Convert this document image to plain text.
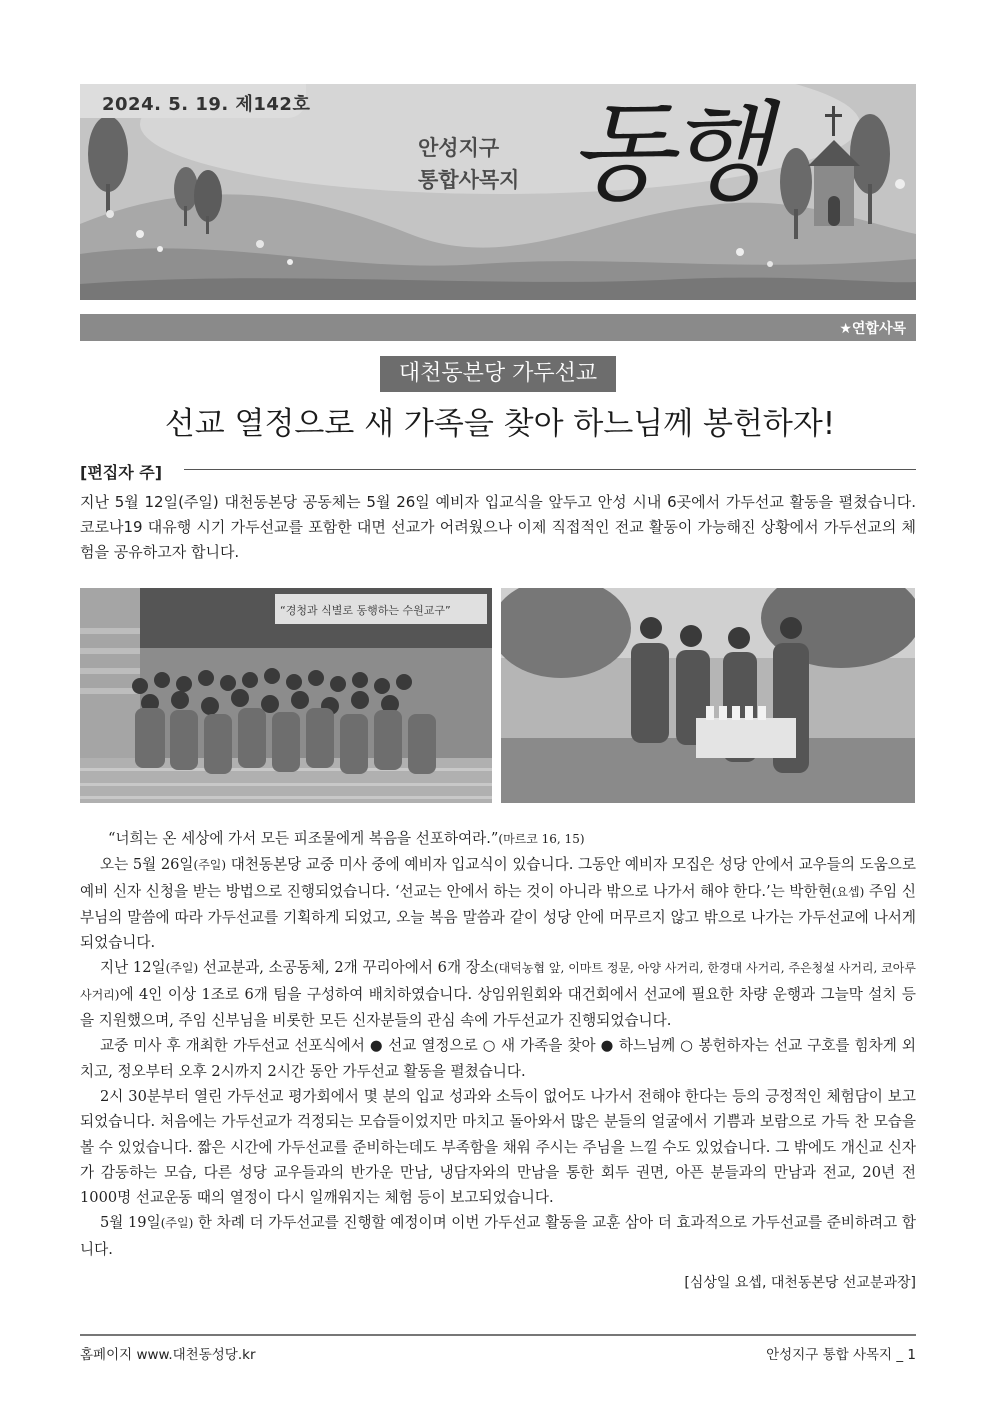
2024. 5. 19. 제142호
안성지구
통합사목지 동행
★연합사목
대천동본당 가두선교
선교 열정으로 새 가족을 찾아 하느님께 봉헌하자!
[편집자 주]
지난 5월 12일(주일) 대천동본당 공동체는 5월 26일 예비자 입교식을 앞두고 안성 시내 6곳에서 가두선교 활동을 펼쳤습니다. 코로나19 대유행 시기 가두선교를 포함한 대면 선교가 어려웠으나 이제 직접적인 전교 활동이 가능해진 상황에서 가두선교의 체험을 공유하고자 합니다.
“경청과 식별로 동행하는 수원교구”

“너희는 온 세상에 가서 모든 피조물에게 복음을 선포하여라.”(마르코 16, 15)

오는 5월 26일(주일) 대천동본당 교중 미사 중에 예비자 입교식이 있습니다. 그동안 예비자 모집은 성당 안에서 교우들의 도움으로 예비 신자 신청을 받는 방법으로 진행되었습니다. ‘선교는 안에서 하는 것이 아니라 밖으로 나가서 해야 한다.’는 박한현(요셉) 주임 신부님의 말씀에 따라 가두선교를 기획하게 되었고, 오늘 복음 말씀과 같이 성당 안에 머무르지 않고 밖으로 나가는 가두선교에 나서게 되었습니다.

지난 12일(주일) 선교분과, 소공동체, 2개 꾸리아에서 6개 장소(대덕농협 앞, 이마트 정문, 아양 사거리, 한경대 사거리, 주은청설 사거리, 코아루 사거리)에 4인 이상 1조로 6개 팀을 구성하여 배치하였습니다. 상임위원회와 대건회에서 선교에 필요한 차량 운행과 그늘막 설치 등을 지원했으며, 주임 신부님을 비롯한 모든 신자분들의 관심 속에 가두선교가 진행되었습니다.

교중 미사 후 개최한 가두선교 선포식에서 ● 선교 열정으로 ○ 새 가족을 찾아 ● 하느님께 ○ 봉헌하자는 선교 구호를 힘차게 외치고, 정오부터 오후 2시까지 2시간 동안 가두선교 활동을 펼쳤습니다.

2시 30분부터 열린 가두선교 평가회에서 몇 분의 입교 성과와 소득이 없어도 나가서 전해야 한다는 등의 긍정적인 체험담이 보고되었습니다. 처음에는 가두선교가 걱정되는 모습들이었지만 마치고 돌아와서 많은 분들의 얼굴에서 기쁨과 보람으로 가득 찬 모습을 볼 수 있었습니다. 짧은 시간에 가두선교를 준비하는데도 부족함을 채워 주시는 주님을 느낄 수도 있었습니다. 그 밖에도 개신교 신자가 감동하는 모습, 다른 성당 교우들과의 반가운 만남, 냉담자와의 만남을 통한 회두 권면, 아픈 분들과의 만남과 전교, 20년 전 1000명 선교운동 때의 열정이 다시 일깨워지는 체험 등이 보고되었습니다.

5월 19일(주일) 한 차례 더 가두선교를 진행할 예정이며 이번 가두선교 활동을 교훈 삼아 더 효과적으로 가두선교를 준비하려고 합니다.

[심상일 요셉, 대천동본당 선교분과장]
홈페이지 www.대천동성당.kr	안성지구 통합 사목지 _ 1
